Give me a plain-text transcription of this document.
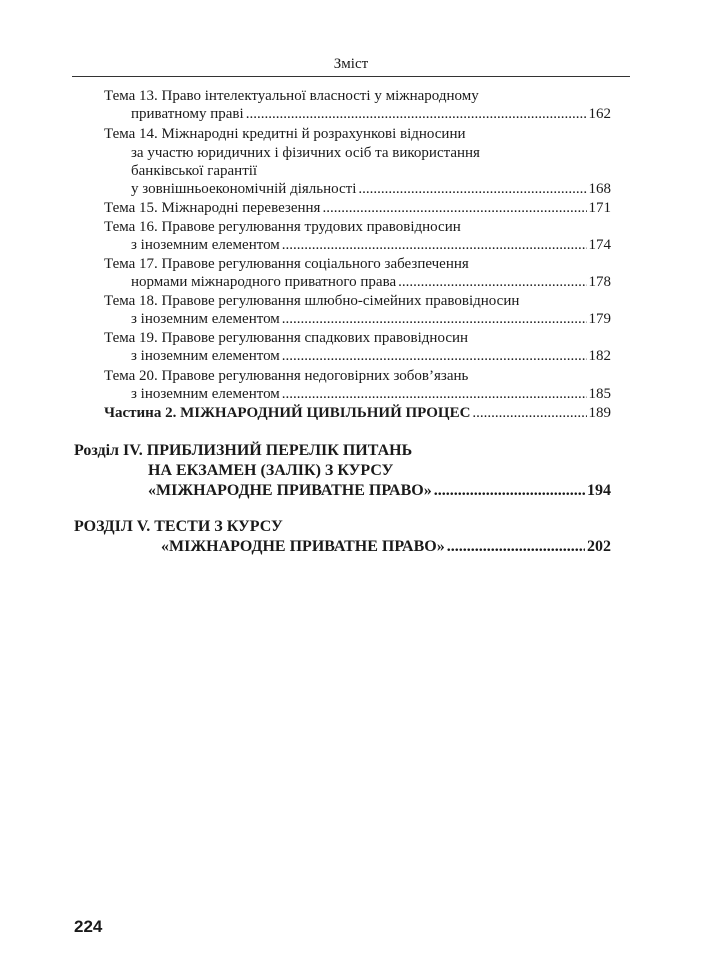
Зміст
Тема 13. Право інтелектуальної власності у міжнародному
приватному праві .....	162
Тема 14. Міжнародні кредитні й розрахункові відносини
за участю юридичних і фізичних осіб та використання
банківської гарантії
у зовнішньоекономічній діяльності .....	168
Тема 15. Міжнародні перевезення .....	171
Тема 16. Правове регулювання трудових правовідносин
з іноземним елементом .....	174
Тема 17. Правове регулювання соціального забезпечення
нормами міжнародного приватного права .....	178
Тема 18. Правове регулювання шлюбно-сімейних правовідносин
з іноземним елементом .....	179
Тема 19. Правове регулювання спадкових правовідносин
з іноземним елементом .....	182
Тема 20. Правове регулювання недоговірних зобов’язань
з іноземним елементом .....	185
Частина 2. МІЖНАРОДНИЙ ЦИВІЛЬНИЙ ПРОЦЕС .....	189
Розділ IV. ПРИБЛИЗНИЙ ПЕРЕЛІК ПИТАНЬ
НА ЕКЗАМЕН (ЗАЛІК) З КУРСУ
«МІЖНАРОДНЕ ПРИВАТНЕ ПРАВО» .....	194
РОЗДІЛ V. ТЕСТИ З КУРСУ
«МІЖНАРОДНЕ ПРИВАТНЕ ПРАВО» .....	202
224
